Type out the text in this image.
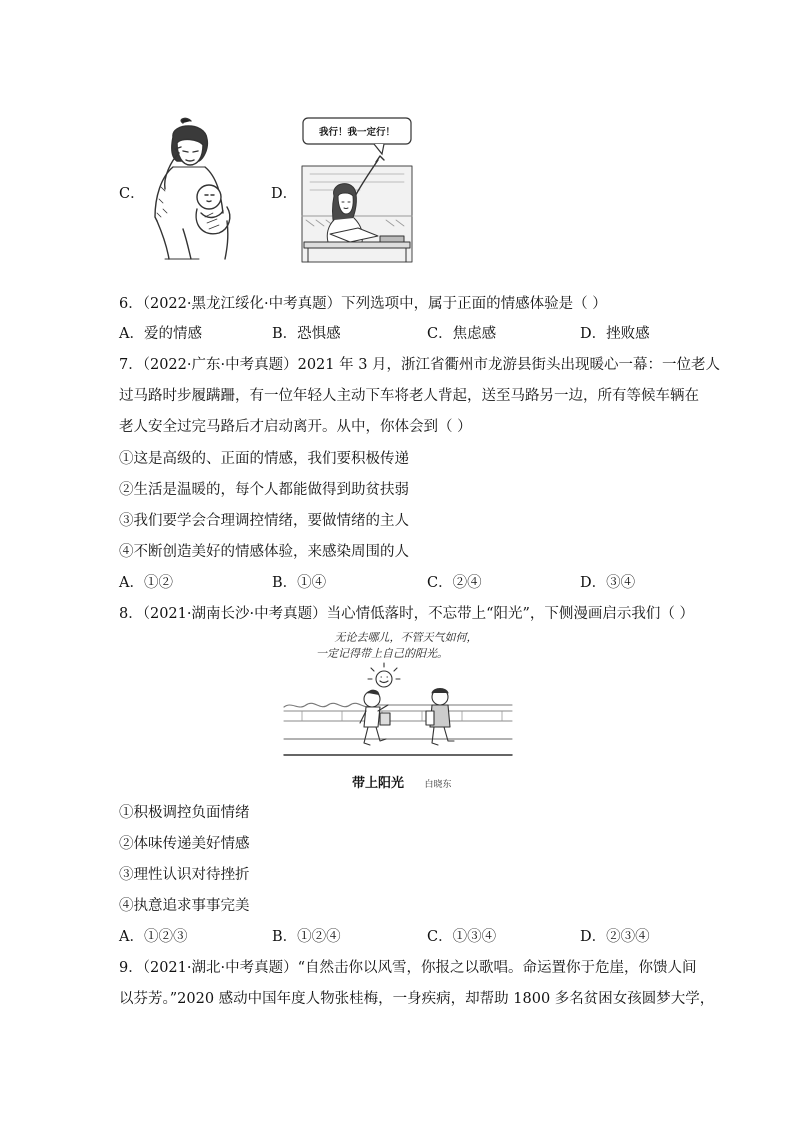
C．	D．
我行！我一定行！
6．（2022·黑龙江绥化·中考真题）下列选项中，属于正面的情感体验是（ ）
A．爱的情感	B．恐惧感	C．焦虑感	D．挫败感
7．（2022·广东·中考真题）2021 年 3 月，浙江省衢州市龙游县街头出现暖心一幕：一位老人
过马路时步履蹒跚，有一位年轻人主动下车将老人背起，送至马路另一边，所有等候车辆在
老人安全过完马路后才启动离开。从中，你体会到（ ）
①这是高级的、正面的情感，我们要积极传递
②生活是温暖的，每个人都能做得到助贫扶弱
③我们要学会合理调控情绪，要做情绪的主人
④不断创造美好的情感体验，来感染周围的人
A．①②	B．①④	C．②④	D．③④
8．（2021·湖南长沙·中考真题）当心情低落时，不忘带上“阳光”，下侧漫画启示我们（ ）
无论去哪儿，不管天气如何，
一定记得带上自己的阳光。
带上阳光 白晓东
①积极调控负面情绪
②体味传递美好情感
③理性认识对待挫折
④执意追求事事完美
A．①②③	B．①②④	C．①③④	D．②③④
9．（2021·湖北·中考真题）“自然击你以风雪，你报之以歌唱。命运置你于危崖，你馈人间
以芬芳。”2020 感动中国年度人物张桂梅，一身疾病，却帮助 1800 多名贫困女孩圆梦大学，
